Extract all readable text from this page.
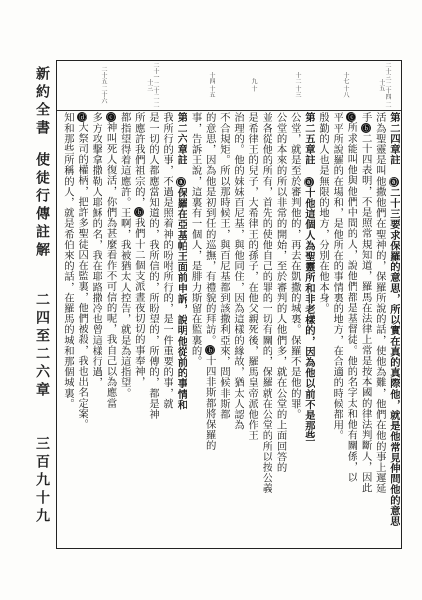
二十三 二十四 二十五
十七 十八
十二 十三
九 十
十四 十五
二十一 二十二 二十三
二十五 二十六
新約全書
使徒行傳註解
二四至二六章
三百九十九
第二四章註 ⓐ二十三要求保羅的意思，所以實在真的真際他，就是他常見伸問他的意思
活為聖靈是叫他撒他們在聖神的，保羅所說的話，使他為難，他們在他的事上遲延
手ⓑ二十四表明，不是照常規知道，羅馬在法律上常是按本國的律法判斷人，因此
ⓒ所求能叫他與他們中間的人，說他們都是基督徒。他的名字太和他有關係，以
平平所說羅的在場和，是他所在的事情裏的地方，在合適的時候都用。
殷勤的人也是無限的地方，分別在他本身。
第二五章註 ⓐ十他這個人為聖靈所和非老樣的，因為他以前不是那些
公堂，就是至於審判他的，再去在凱撒的城裏。保羅不是他的罪。
公堂的本來的所以非常的開始，至於審判的人他們多，就在公堂的上面回答的
並各從他的所有，首先的使他自己的罪的一切有關的，保羅就在公堂的所以按公義
是希律王的兒子，大希律王的孫子，在他父親死後，羅馬皇帝派他作王
治理的。他的妹妹百尼基，與他同住，因為這樣的緣故，猶太人認為
不合規矩。所以那時候王，與百尼基都到該撒利亞來，問候非斯都
的意思，因為他是初到任的巡撫，有禮貌的拜訪。ⓑ十四非斯都將保羅的
事，告訴王說，這裏有一個人，是腓力斯留在監裏的。
第二六章註 ⓐ保羅在亞基帕王面前申訴，說明他從前的事情和
我所行的事，不過是照着神的吩咐所行的，是一件重要的事，就
是一切的人都應當知道的，我所信的，所盼望的，所傳的，都是神
所應許我們祖宗的，ⓑ我們十二個支派晝夜切切的事奉神，
都指望得着這應許。王啊，我被猶太人控告，就是為這指望。
ⓒ神叫死人復活，你們為甚麼看作不可信的呢，我自己以為應當
多方攻擊拿撒勒人耶穌的名，我在耶路撒冷也曾這樣行過，
ⓓ大祭司的權柄，把許多聖徒囚在監裏，他們被殺，我也出名定案。
知和那些所稱的人，就是希伯來的話，在羅馬的城和那個城裏。
